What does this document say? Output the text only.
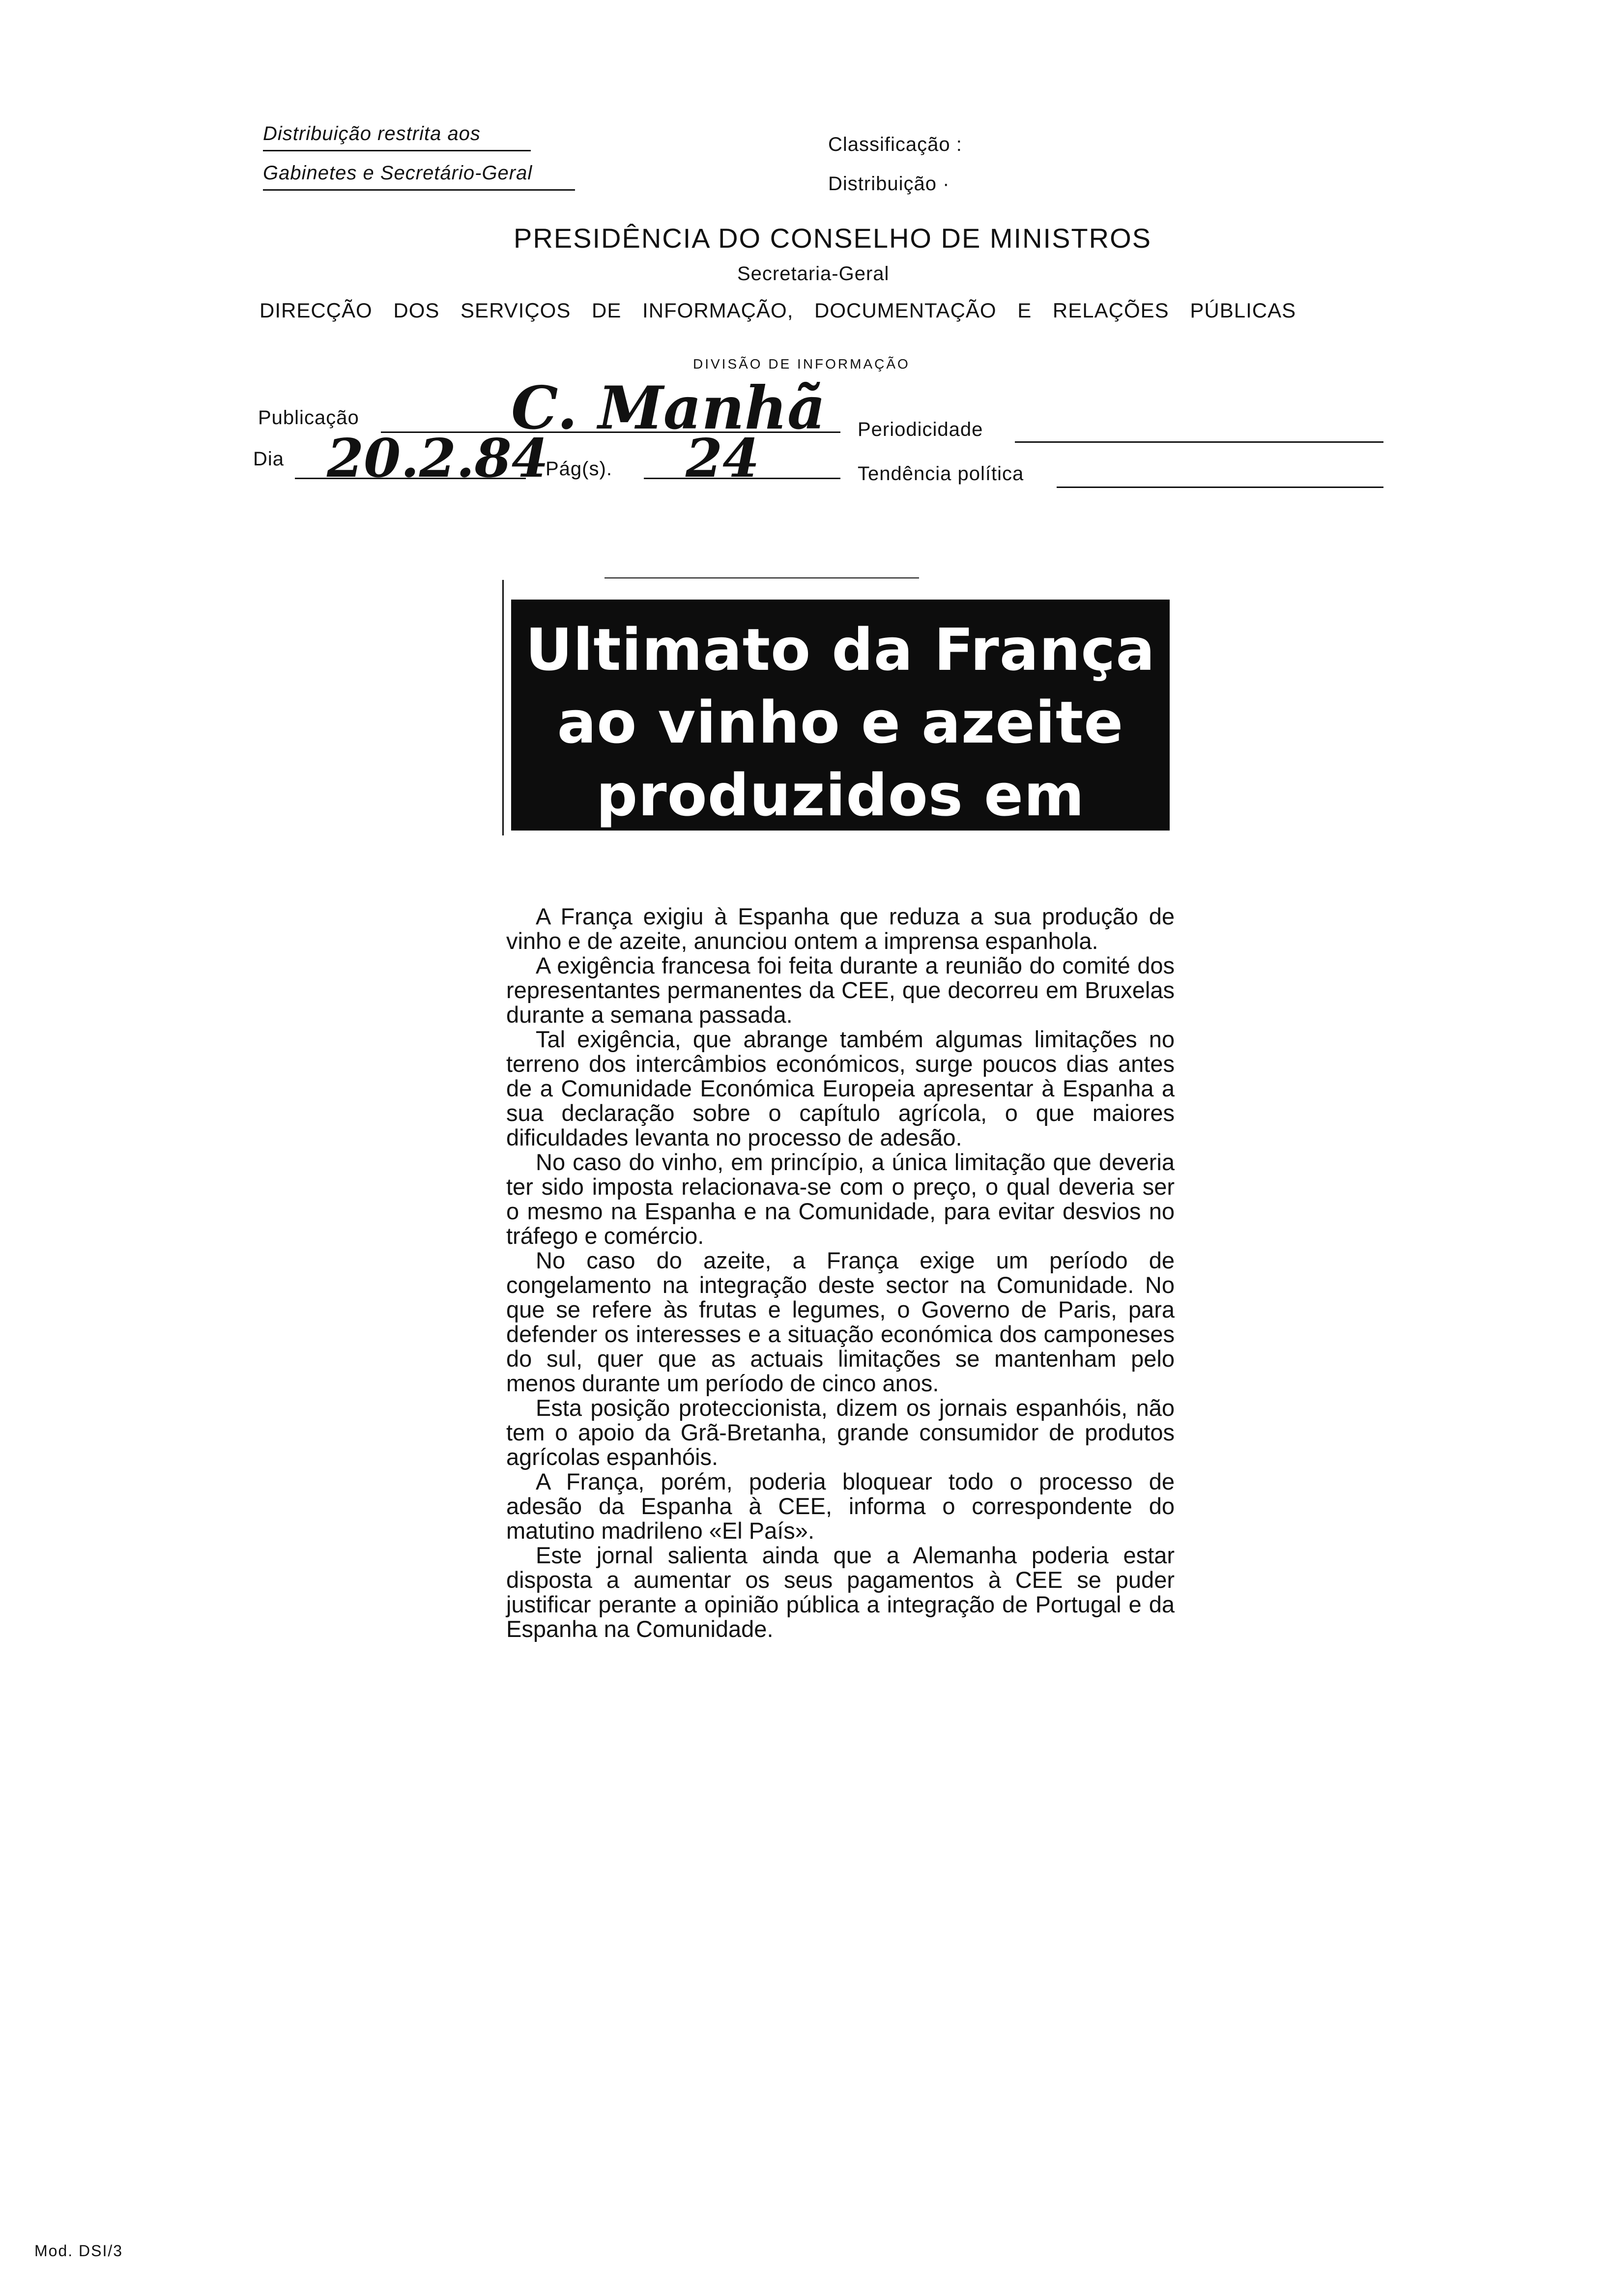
Distribuição restrita aos
Gabinetes e Secretário-Geral
Classificação :
Distribuição ·
PRESIDÊNCIA DO CONSELHO DE MINISTROS
Secretaria-Geral
DIRECÇÃO DOS SERVIÇOS DE INFORMAÇÃO, DOCUMENTAÇÃO E RELAÇÕES PÚBLICAS
DIVISÃO DE INFORMAÇÃO
Publicação	C. Manhã Periodicidade
Dia 20.2.84
Pág(s). 24	Tendência política
Ultimato da França
ao vinho e azeite
produzidos em Espanha

A França exigiu à Espanha que reduza a sua produção de vinho e de azeite, anunciou ontem a imprensa espanhola.

A exigência francesa foi feita durante a reunião do comité dos representantes permanentes da CEE, que decorreu em Bruxelas durante a semana passada.

Tal exigência, que abrange também algumas limitações no terreno dos intercâmbios económicos, surge poucos dias antes de a Comunidade Económica Europeia apresentar à Espanha a sua declaração sobre o capítulo agrícola, o que maiores dificuldades levanta no processo de adesão.

No caso do vinho, em princípio, a única limitação que deveria ter sido imposta relacionava-se com o preço, o qual deveria ser o mesmo na Espanha e na Comunidade, para evitar desvios no tráfego e comércio.

No caso do azeite, a França exige um período de congelamento na integração deste sector na Comunidade. No que se refere às frutas e legumes, o Governo de Paris, para defender os interesses e a situação económica dos camponeses do sul, quer que as actuais limitações se mantenham pelo menos durante um período de cinco anos.

Esta posição proteccionista, dizem os jornais espanhóis, não tem o apoio da Grã-Bretanha, grande consumidor de produtos agrícolas espanhóis.

A França, porém, poderia bloquear todo o processo de adesão da Espanha à CEE, informa o correspondente do matutino madrileno «El País».

Este jornal salienta ainda que a Alemanha poderia estar disposta a aumentar os seus pagamentos à CEE se puder justificar perante a opinião pública a integração de Portugal e da Espanha na Comunidade.

Mod. DSI/3
